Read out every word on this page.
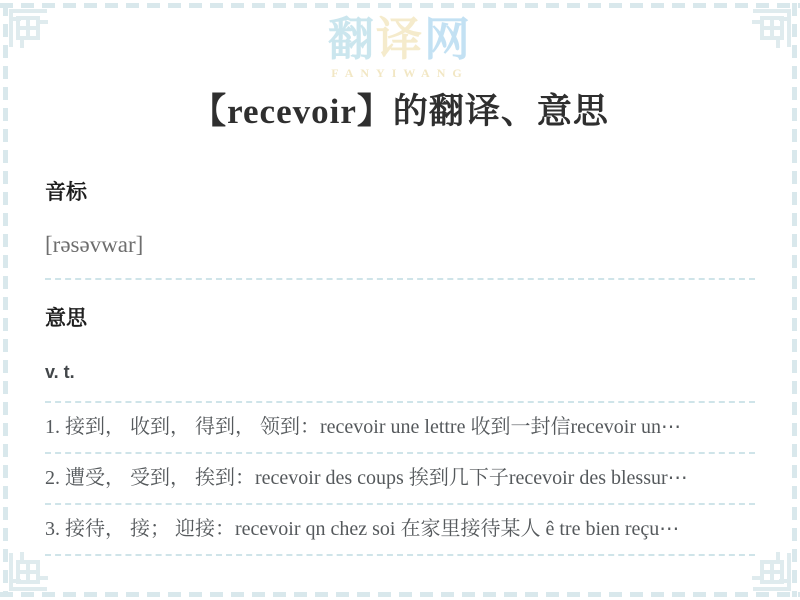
翻译网
FANYIWANG
【recevoir】的翻译、意思
音标
[rəsəvwar]
意思
v. t.
1. 接到， 收到， 得到， 领到：recevoir une lettre 收到一封信recevoir un⋯
2. 遭受， 受到， 挨到：recevoir des coups 挨到几下子recevoir des blessur⋯
3. 接待， 接； 迎接：recevoir qn chez soi 在家里接待某人 ê tre bien reçu⋯
